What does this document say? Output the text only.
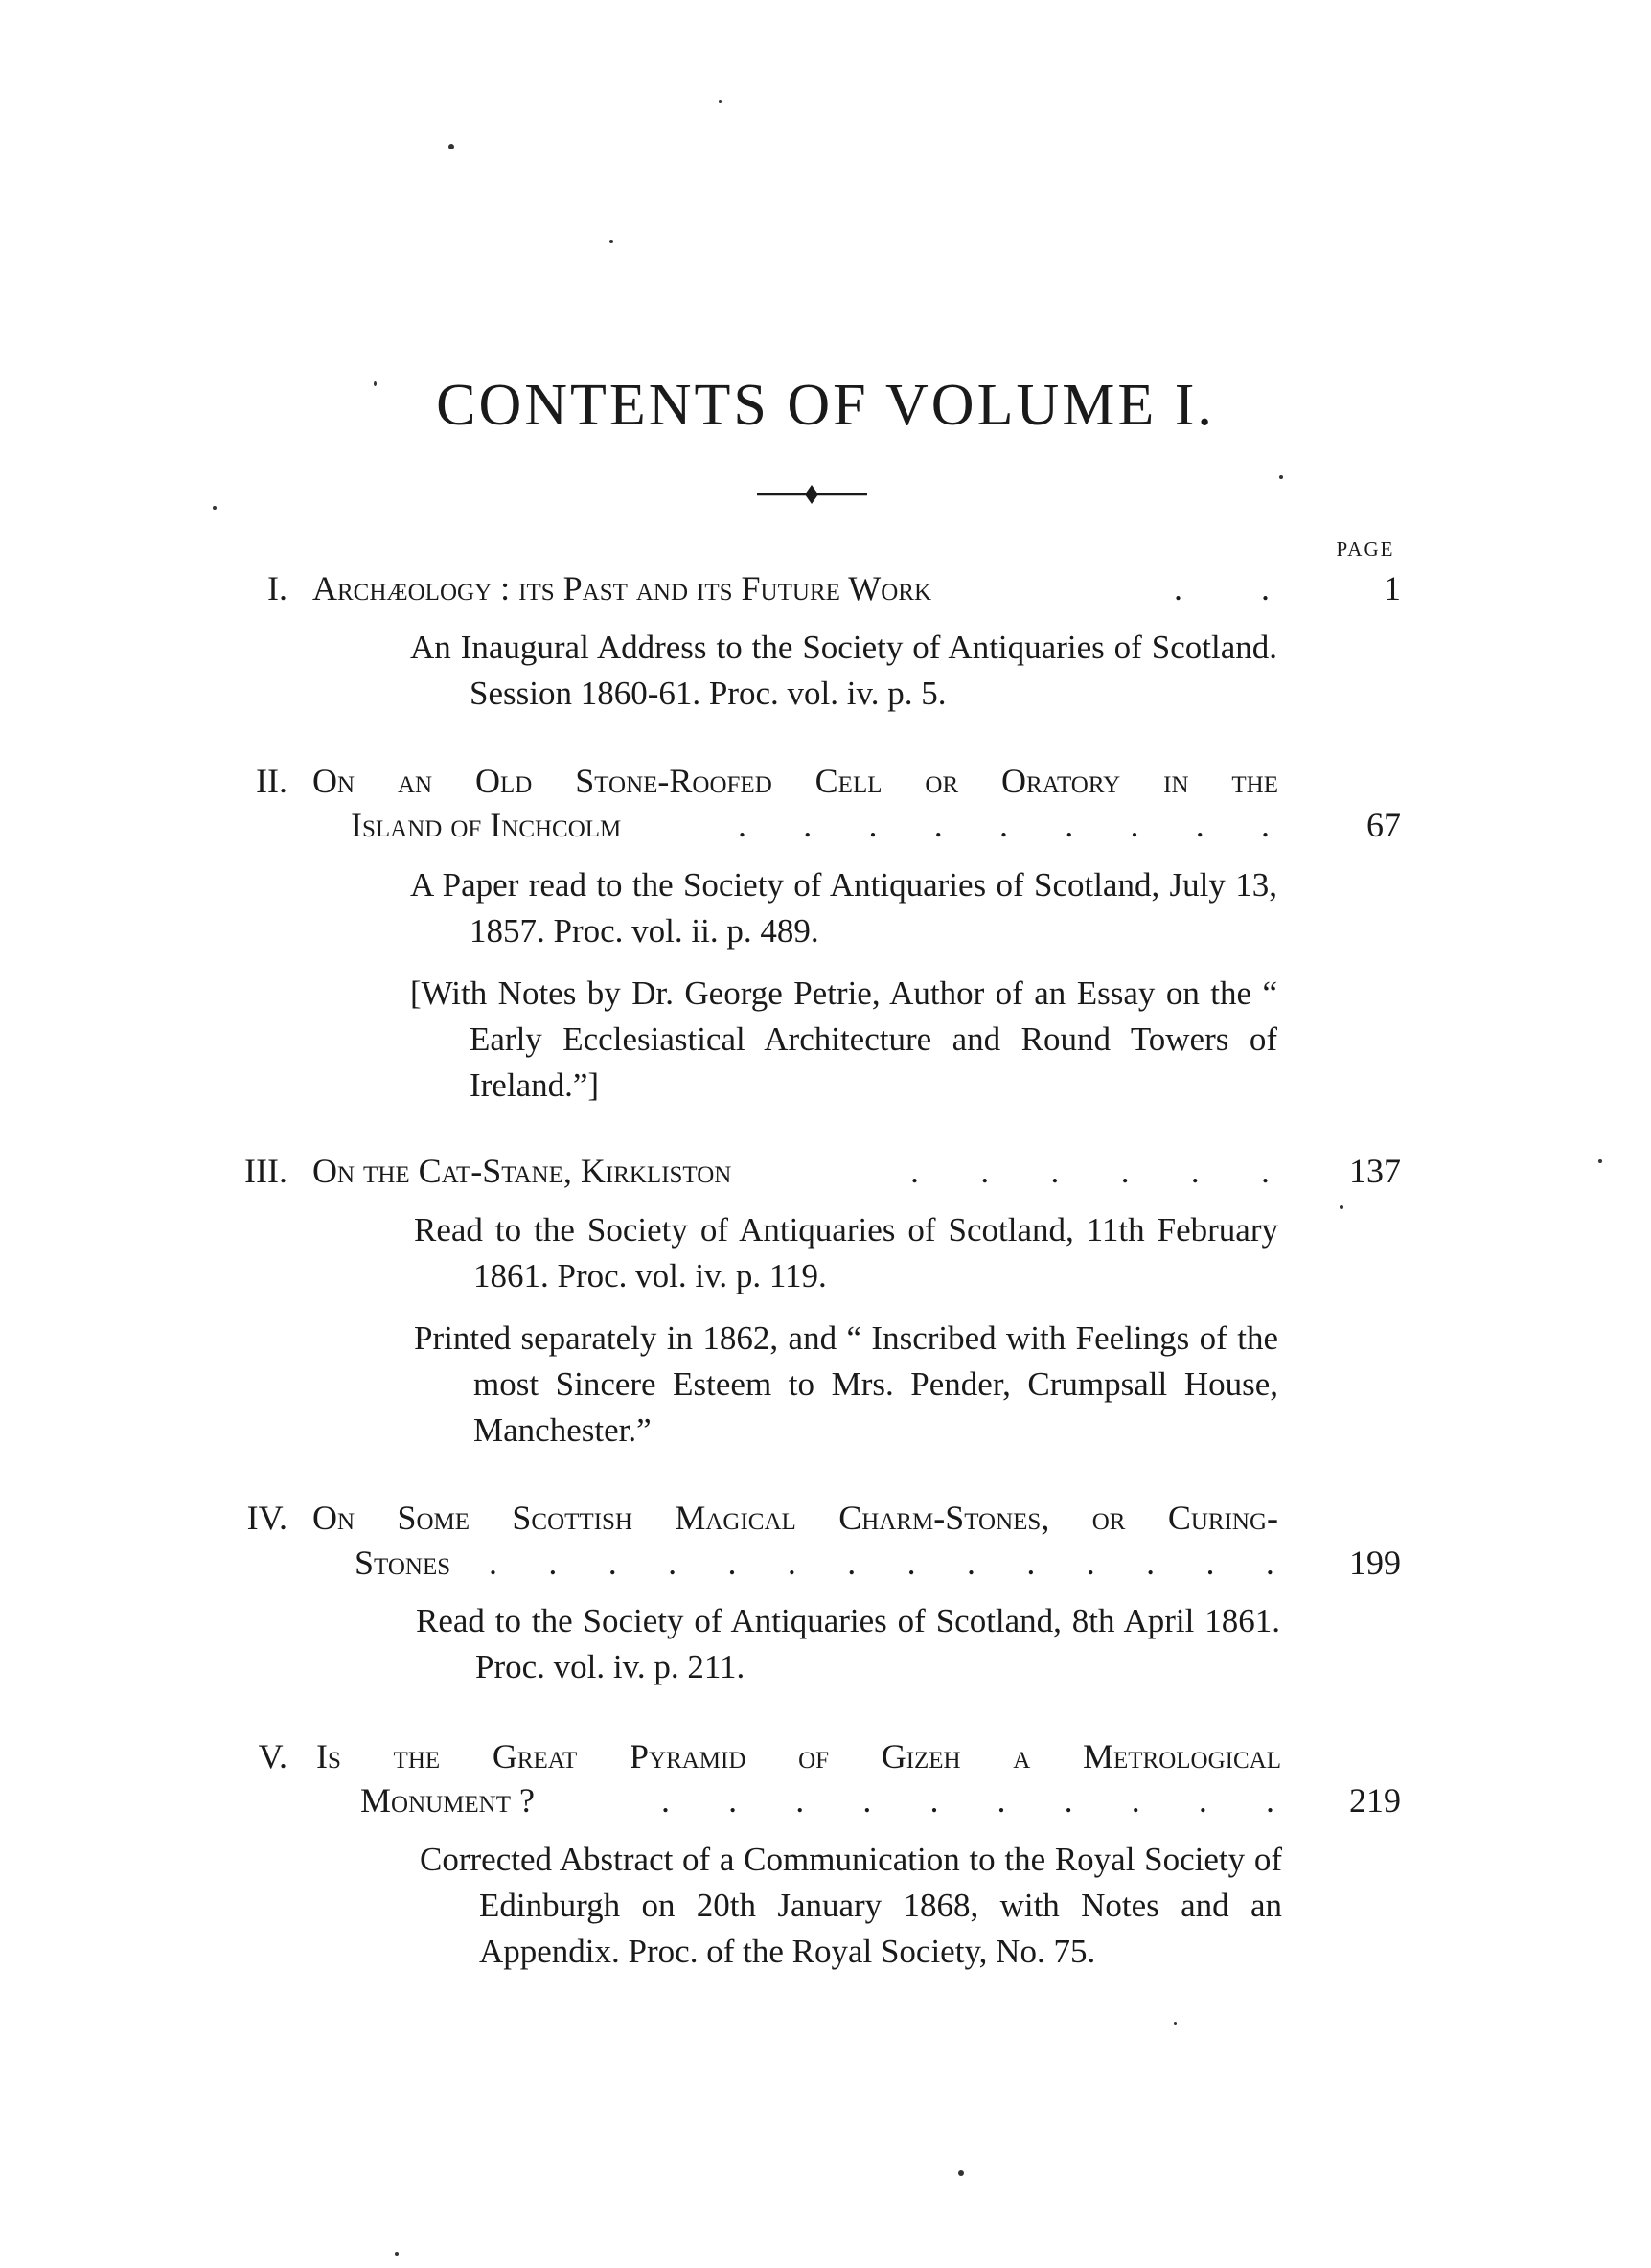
CONTENTS OF VOLUME I.
PAGE
I. Archæology : its Past and its Future Work	. .	1

An Inaugural Address to the Society of Antiquaries of Scotland. Session 1860-61. Proc. vol. iv. p. 5.

II. On an Old Stone-Roofed Cell or Oratory in the
Island of Inchcolm	. . . . . . . . .	67

A Paper read to the Society of Antiquaries of Scotland, July 13, 1857. Proc. vol. ii. p. 489.

[With Notes by Dr. George Petrie, Author of an Essay on the “ Early Ecclesiastical Architecture and Round Towers of Ireland.”]

III. On the Cat-Stane, Kirkliston	. . . . . .	137

Read to the Society of Antiquaries of Scotland, 11th February 1861. Proc. vol. iv. p. 119.

Printed separately in 1862, and “ Inscribed with Feelings of the most Sincere Esteem to Mrs. Pender, Crumpsall House, Manchester.”

IV. On Some Scottish Magical Charm-Stones, or Curing-
Stones . . . . . . . . . . . . . .	199

Read to the Society of Antiquaries of Scotland, 8th April 1861. Proc. vol. iv. p. 211.

V. Is the Great Pyramid of Gizeh a Metrological
Monument ?	. . . . . . . . . .	219

Corrected Abstract of a Communication to the Royal Society of Edinburgh on 20th January 1868, with Notes and an Appendix. Proc. of the Royal Society, No. 75.
